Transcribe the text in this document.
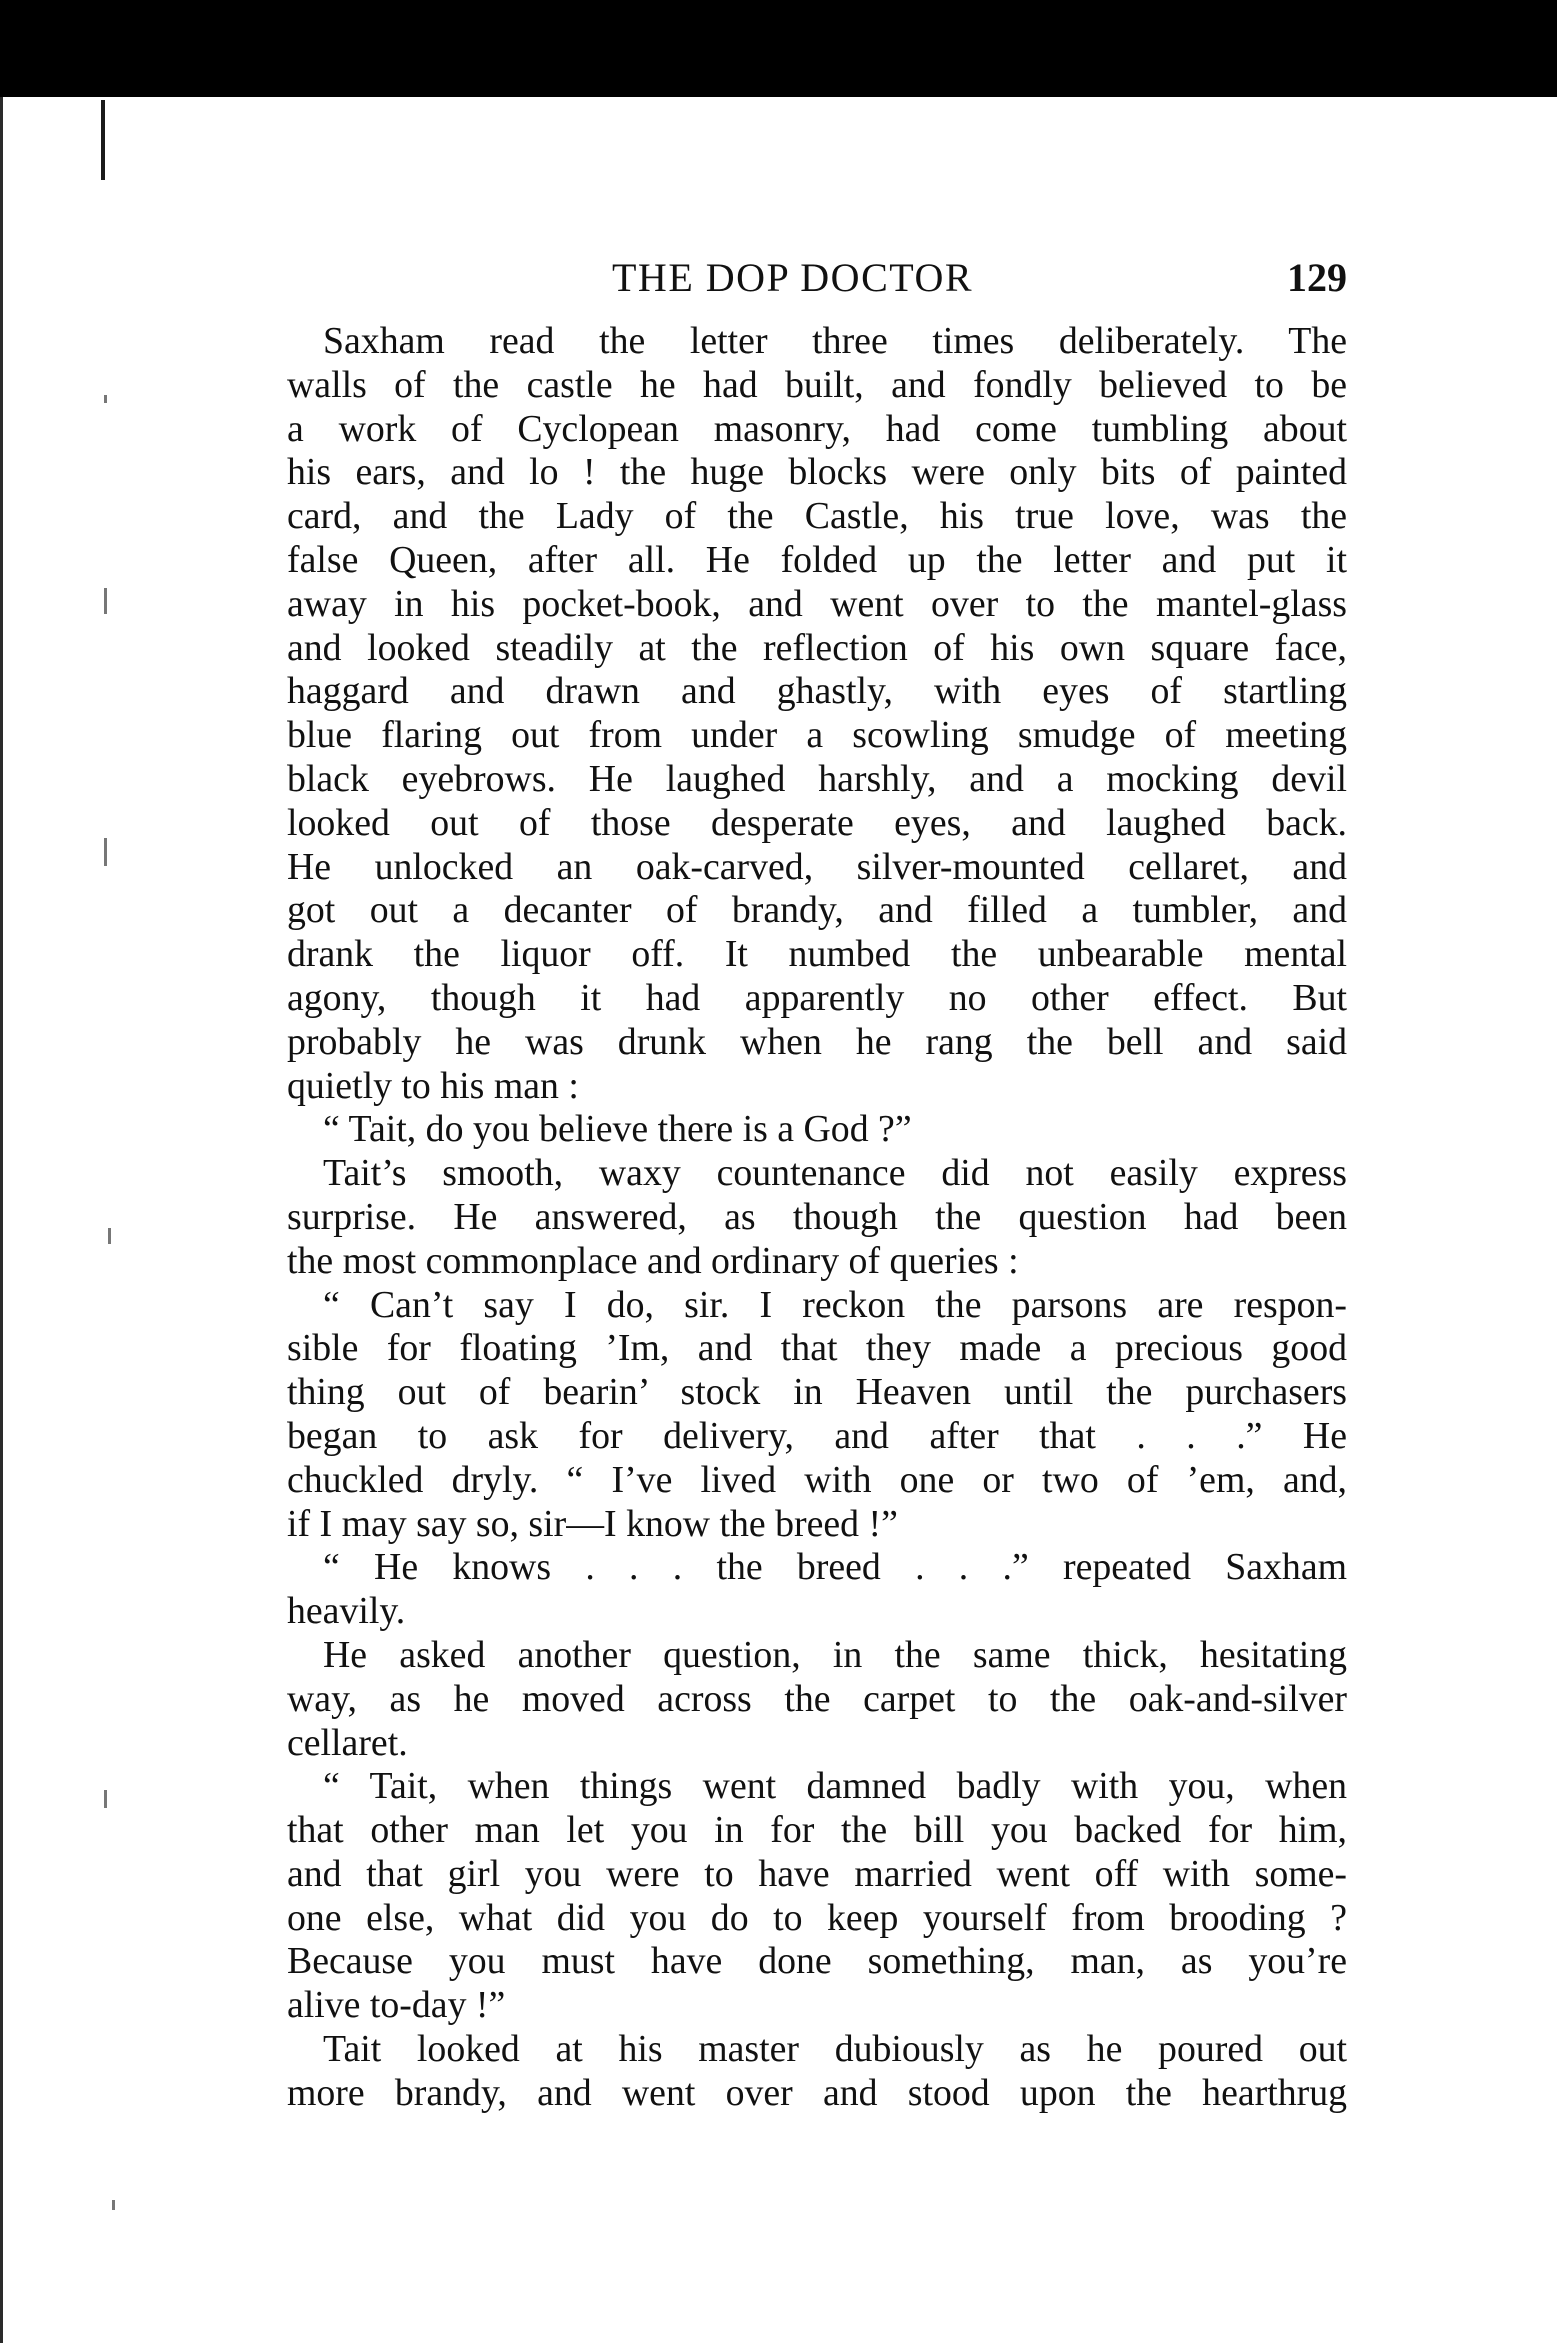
THE DOP DOCTOR	129
Saxham read the letter three times deliberately. The
walls of the castle he had built, and fondly believed to be
a work of Cyclopean masonry, had come tumbling about
his ears, and lo ! the huge blocks were only bits of painted
card, and the Lady of the Castle, his true love, was the
false Queen, after all. He folded up the letter and put it
away in his pocket-book, and went over to the mantel-glass
and looked steadily at the reflection of his own square face,
haggard and drawn and ghastly, with eyes of startling
blue flaring out from under a scowling smudge of meeting
black eyebrows. He laughed harshly, and a mocking devil
looked out of those desperate eyes, and laughed back.
He unlocked an oak-carved, silver-mounted cellaret, and
got out a decanter of brandy, and filled a tumbler, and
drank the liquor off. It numbed the unbearable mental
agony, though it had apparently no other effect. But
probably he was drunk when he rang the bell and said
quietly to his man :
“ Tait, do you believe there is a God ?”
Tait’s smooth, waxy countenance did not easily express
surprise. He answered, as though the question had been
the most commonplace and ordinary of queries :
“ Can’t say I do, sir. I reckon the parsons are respon-
sible for floating ’Im, and that they made a precious good
thing out of bearin’ stock in Heaven until the purchasers
began to ask for delivery, and after that . . .” He
chuckled dryly. “ I’ve lived with one or two of ’em, and,
if I may say so, sir—I know the breed !”
“ He knows . . . the breed . . .” repeated Saxham
heavily.
He asked another question, in the same thick, hesitating
way, as he moved across the carpet to the oak-and-silver
cellaret.
“ Tait, when things went damned badly with you, when
that other man let you in for the bill you backed for him,
and that girl you were to have married went off with some-
one else, what did you do to keep yourself from brooding ?
Because you must have done something, man, as you’re
alive to-day !”
Tait looked at his master dubiously as he poured out
more brandy, and went over and stood upon the hearthrug
